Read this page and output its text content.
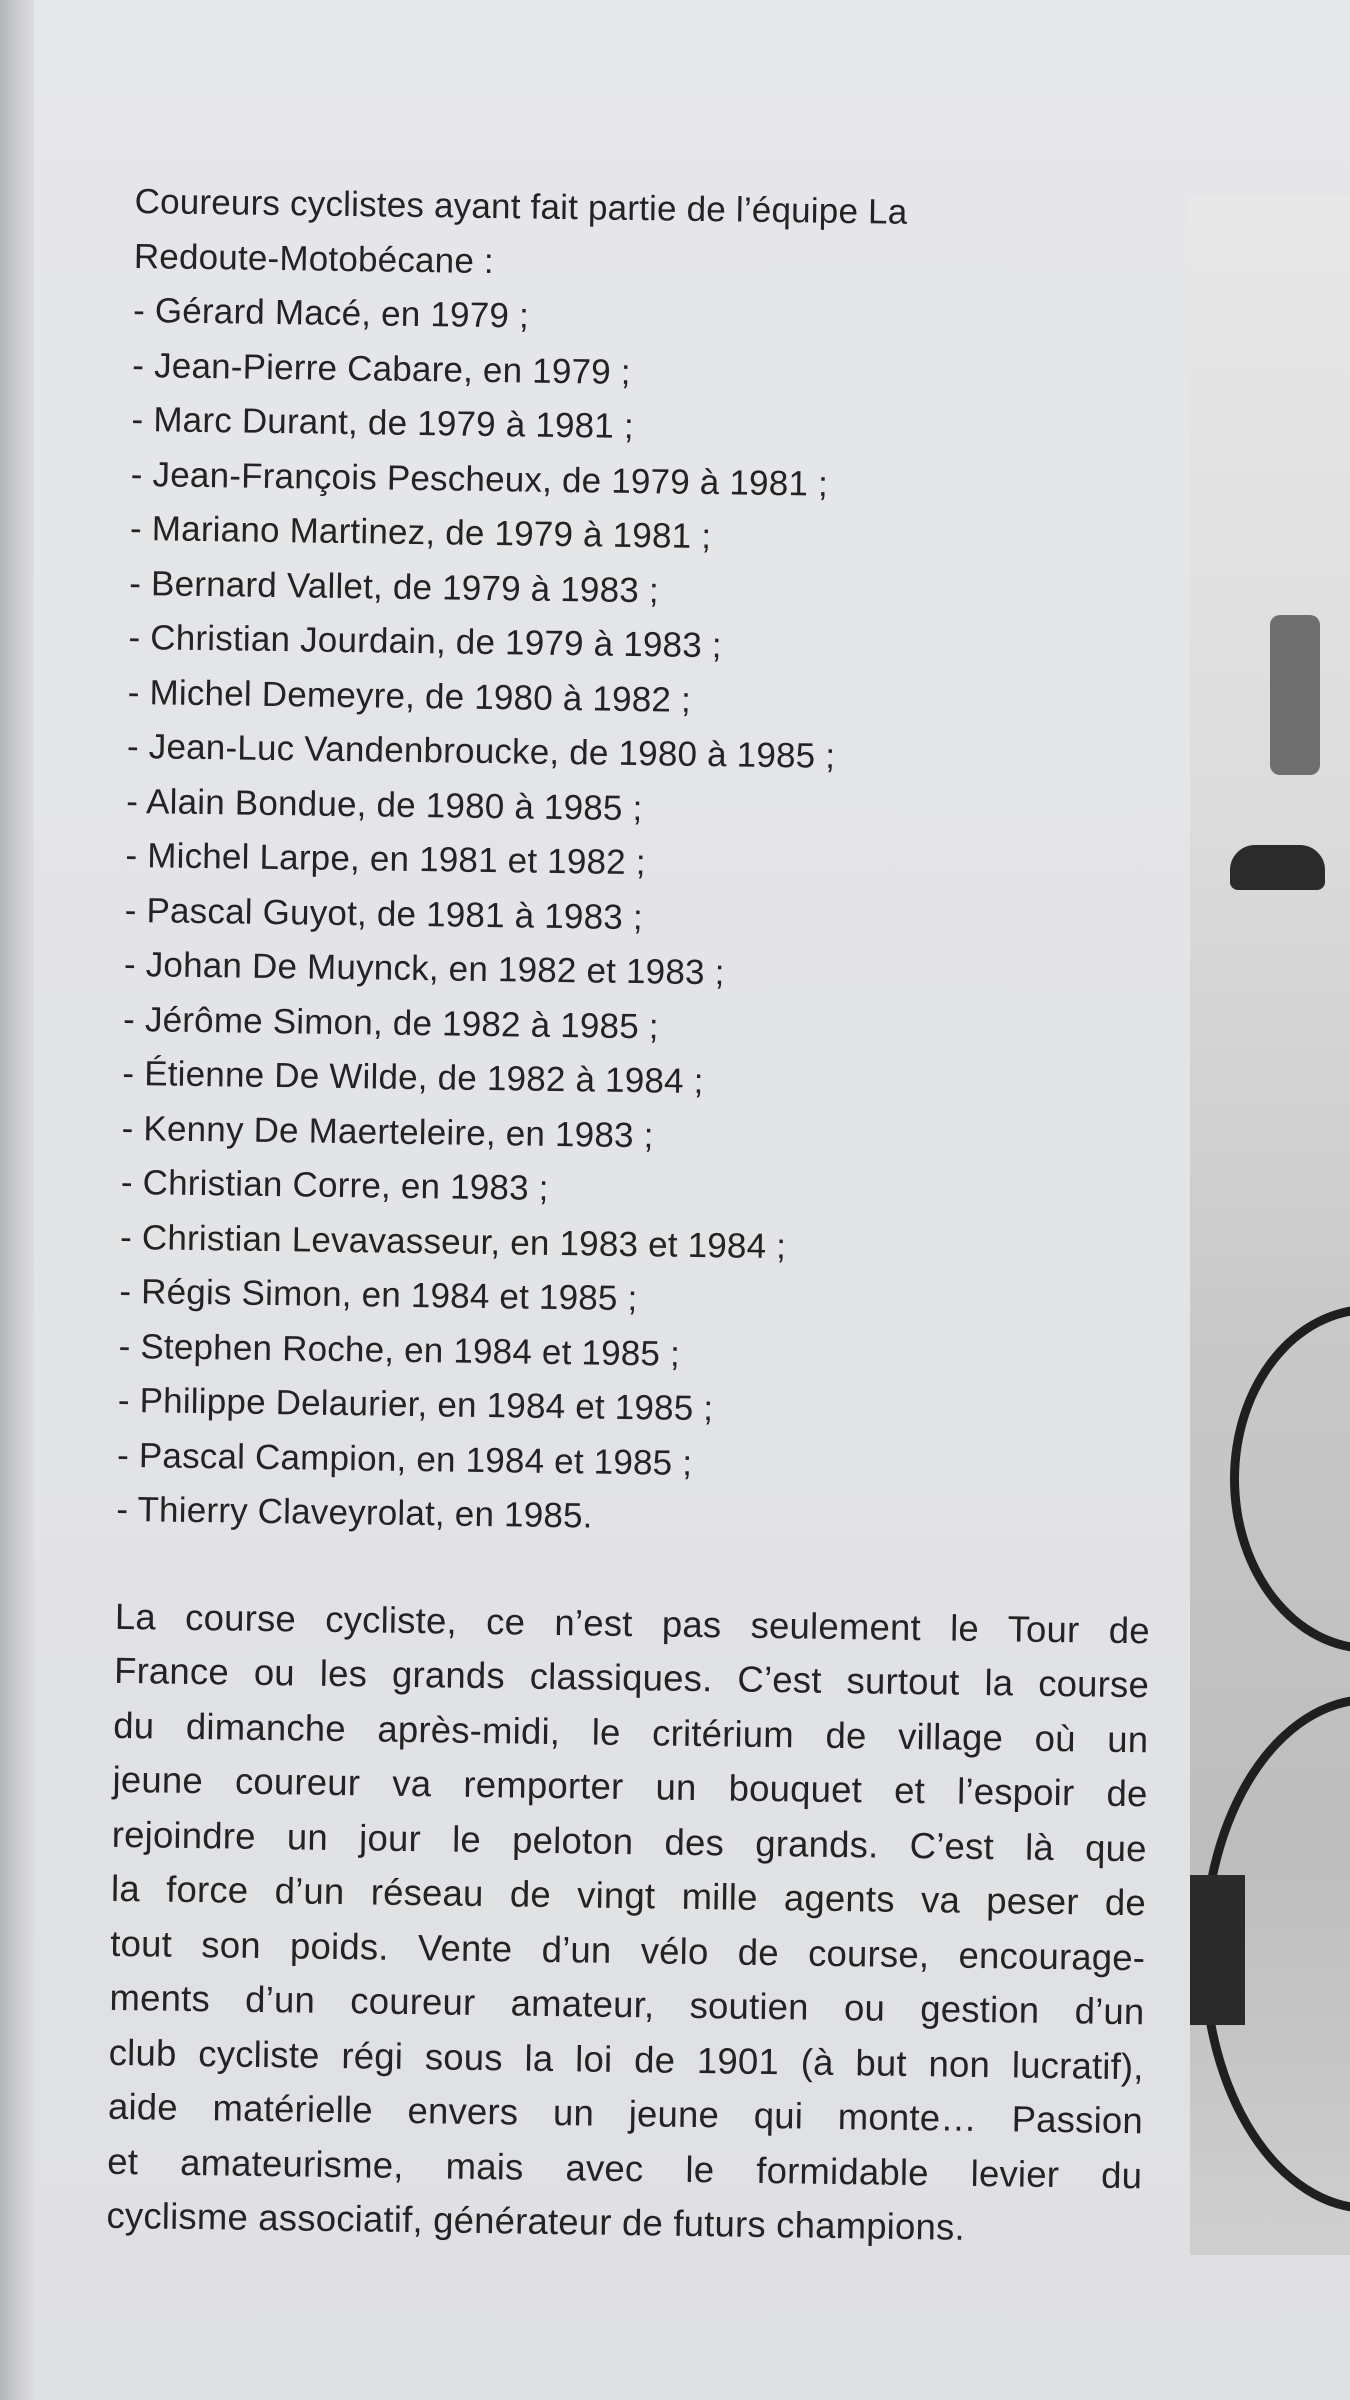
Coureurs cyclistes ayant fait partie de l’équipe La
Redoute-Motobécane :
- Gérard Macé, en 1979 ;
- Jean-Pierre Cabare, en 1979 ;
- Marc Durant, de 1979 à 1981 ;
- Jean-François Pescheux, de 1979 à 1981 ;
- Mariano Martinez, de 1979 à 1981 ;
- Bernard Vallet, de 1979 à 1983 ;
- Christian Jourdain, de 1979 à 1983 ;
- Michel Demeyre, de 1980 à 1982 ;
- Jean-Luc Vandenbroucke, de 1980 à 1985 ;
- Alain Bondue, de 1980 à 1985 ;
- Michel Larpe, en 1981 et 1982 ;
- Pascal Guyot, de 1981 à 1983 ;
- Johan De Muynck, en 1982 et 1983 ;
- Jérôme Simon, de 1982 à 1985 ;
- Étienne De Wilde, de 1982 à 1984 ;
- Kenny De Maerteleire, en 1983 ;
- Christian Corre, en 1983 ;
- Christian Levavasseur, en 1983 et 1984 ;
- Régis Simon, en 1984 et 1985 ;
- Stephen Roche, en 1984 et 1985 ;
- Philippe Delaurier, en 1984 et 1985 ;
- Pascal Campion, en 1984 et 1985 ;
- Thierry Claveyrolat, en 1985.
La course cycliste, ce n’est pas seulement le Tour de
France ou les grands classiques. C’est surtout la course
du dimanche après-midi, le critérium de village où un
jeune coureur va remporter un bouquet et l’espoir de
rejoindre un jour le peloton des grands. C’est là que
la force d’un réseau de vingt mille agents va peser de
tout son poids. Vente d’un vélo de course, encourage-
ments d’un coureur amateur, soutien ou gestion d’un
club cycliste régi sous la loi de 1901 (à but non lucratif),
aide matérielle envers un jeune qui monte… Passion
et amateurisme, mais avec le formidable levier du
cyclisme associatif, générateur de futurs champions.
